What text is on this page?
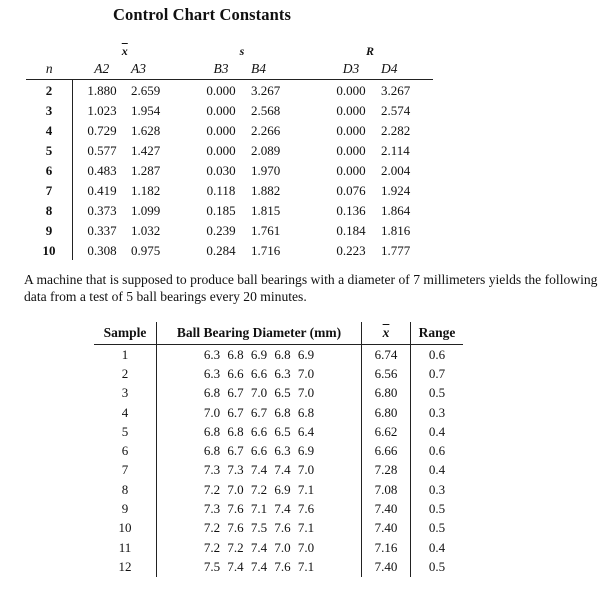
Control Chart Constants
	$\overline{x}$		s		R	
n	A2	A3	B3	B4	D3	D4
2	1.880	2.659	0.000	3.267	0.000	3.267
3	1.023	1.954	0.000	2.568	0.000	2.574
4	0.729	1.628	0.000	2.266	0.000	2.282
5	0.577	1.427	0.000	2.089	0.000	2.114
6	0.483	1.287	0.030	1.970	0.000	2.004
7	0.419	1.182	0.118	1.882	0.076	1.924
8	0.373	1.099	0.185	1.815	0.136	1.864
9	0.337	1.032	0.239	1.761	0.184	1.816
10	0.308	0.975	0.284	1.716	0.223	1.777
A machine that is supposed to produce ball bearings with a diameter of 7 millimeters yields the following data from a test of 5 ball bearings every 20 minutes.
Sample	Ball Bearing Diameter (mm)	$\overline{x}$	Range
1	6.3 6.8 6.9 6.8 6.9	6.74	0.6
2	6.3 6.6 6.6 6.3 7.0	6.56	0.7
3	6.8 6.7 7.0 6.5 7.0	6.80	0.5
4	7.0 6.7 6.7 6.8 6.8	6.80	0.3
5	6.8 6.8 6.6 6.5 6.4	6.62	0.4
6	6.8 6.7 6.6 6.3 6.9	6.66	0.6
7	7.3 7.3 7.4 7.4 7.0	7.28	0.4
8	7.2 7.0 7.2 6.9 7.1	7.08	0.3
9	7.3 7.6 7.1 7.4 7.6	7.40	0.5
10	7.2 7.6 7.5 7.6 7.1	7.40	0.5
11	7.2 7.2 7.4 7.0 7.0	7.16	0.4
12	7.5 7.4 7.4 7.6 7.1	7.40	0.5
